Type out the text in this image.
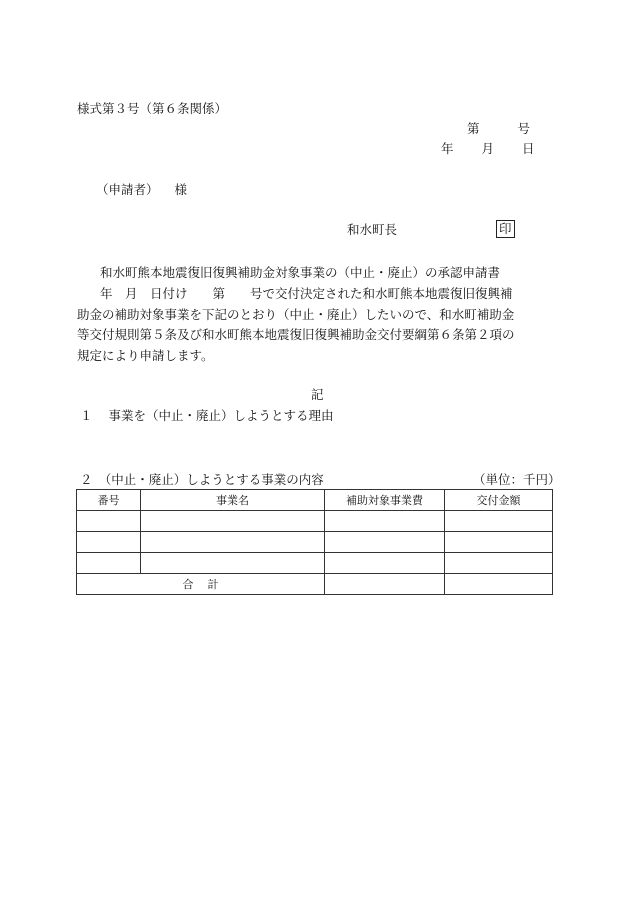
様式第３号（第６条関係）
第 号
年 月 日
（申請者） 様
和水町長	印
和水町熊本地震復旧復興補助金対象事業の（中止・廃止）の承認申請書
年　月　日付け　　第　　号で交付決定された和水町熊本地震復旧復興補
助金の補助対象事業を下記のとおり（中止・廃止）したいので、和水町補助金
等交付規則第５条及び和水町熊本地震復旧復興補助金交付要綱第６条第２項の
規定により申請します。
記
１ 事業を（中止・廃止）しようとする理由
２　（中止・廃止）しようとする事業の内容	（単位：千円）
番号	事業名	補助対象事業費	交付金額

合計			
